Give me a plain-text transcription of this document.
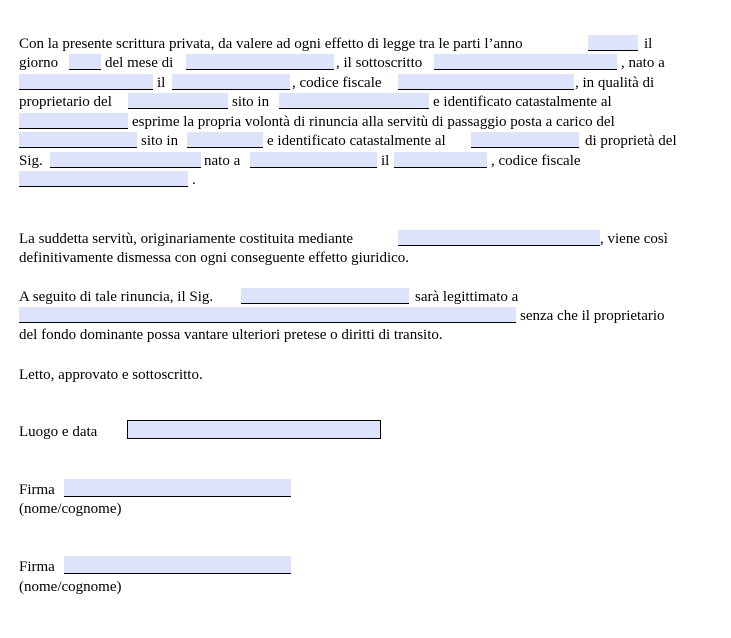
Con la presente scrittura privata, da valere ad ogni effetto di legge tra le parti l’anno	il
giorno	del mese di	, il sottoscritto	, nato a
il	, codice fiscale	, in qualità di
proprietario del	sito in	e identificato catastalmente al
esprime la propria volontà di rinuncia alla servitù di passaggio posta a carico del
sito in	e identificato catastalmente al	di proprietà del
Sig.	nato a	il	, codice fiscale
.
La suddetta servitù, originariamente costituita mediante	, viene così
definitivamente dismessa con ogni conseguente effetto giuridico.
A seguito di tale rinuncia, il Sig.	sarà legittimato a
senza che il proprietario
del fondo dominante possa vantare ulteriori pretese o diritti di transito.
Letto, approvato e sottoscritto.
Luogo e data
Firma
(nome/cognome)
Firma
(nome/cognome)
